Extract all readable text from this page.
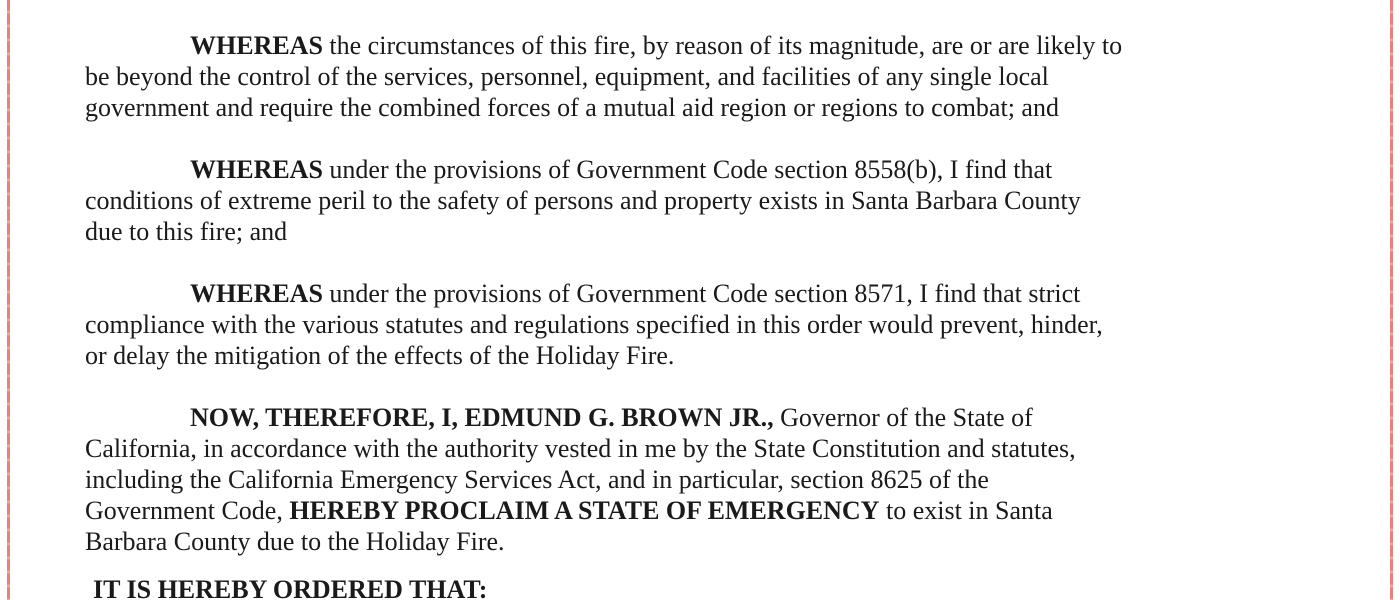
WHEREAS the circumstances of this fire, by reason of its magnitude, are or are likely to
be beyond the control of the services, personnel, equipment, and facilities of any single local
government and require the combined forces of a mutual aid region or regions to combat; and

WHEREAS under the provisions of Government Code section 8558(b), I find that
conditions of extreme peril to the safety of persons and property exists in Santa Barbara County
due to this fire; and

WHEREAS under the provisions of Government Code section 8571, I find that strict
compliance with the various statutes and regulations specified in this order would prevent, hinder,
or delay the mitigation of the effects of the Holiday Fire.

NOW, THEREFORE, I, EDMUND G. BROWN JR., Governor of the State of
California, in accordance with the authority vested in me by the State Constitution and statutes,
including the California Emergency Services Act, and in particular, section 8625 of the
Government Code, HEREBY PROCLAIM A STATE OF EMERGENCY to exist in Santa
Barbara County due to the Holiday Fire.

IT IS HEREBY ORDERED THAT:
